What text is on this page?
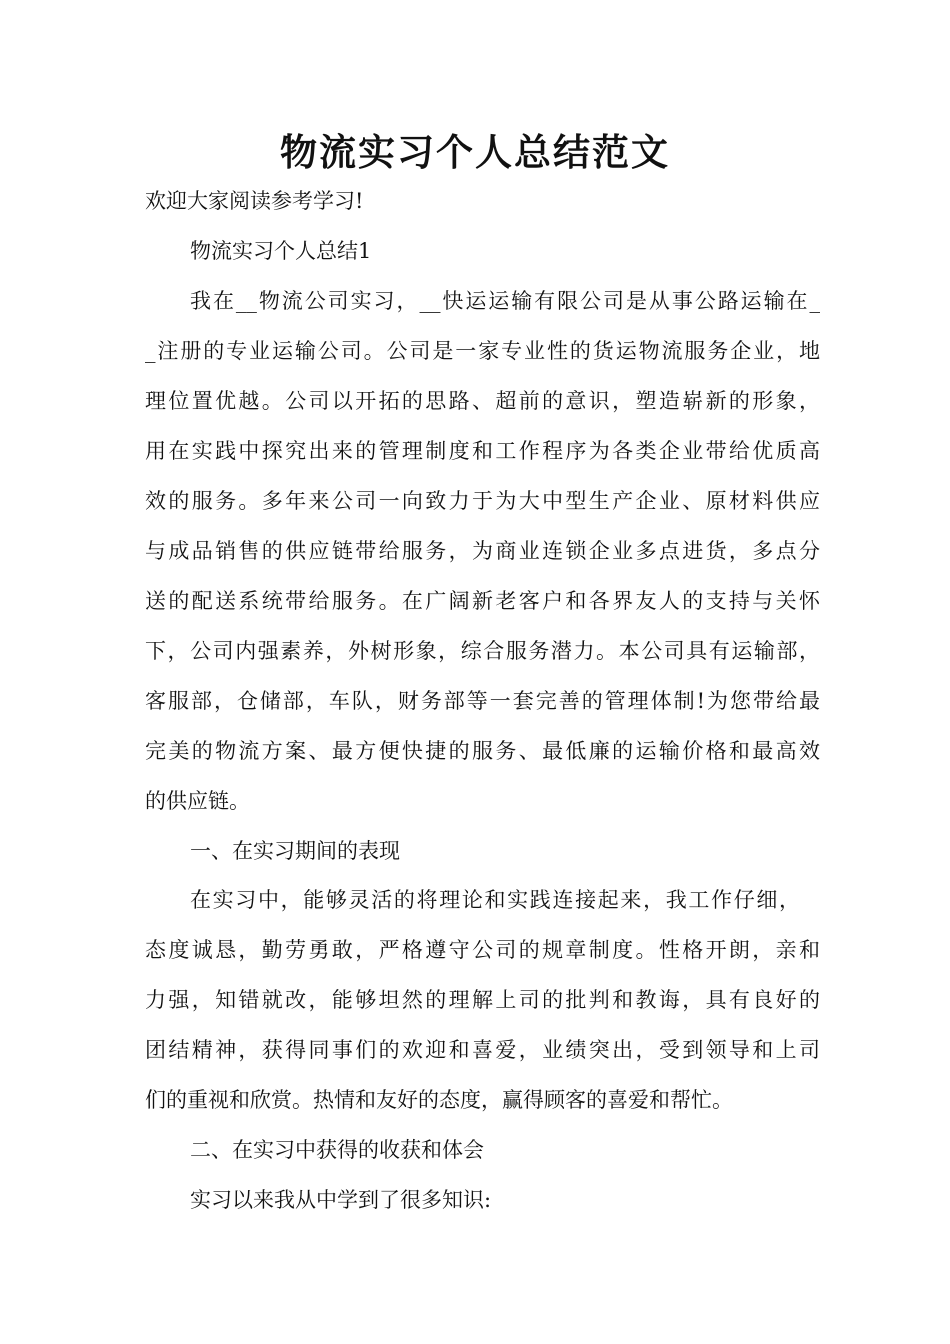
物流实习个人总结范文

欢迎大家阅读参考学习!

物流实习个人总结1

我在__物流公司实习，__快运运输有限公司是从事公路运输在_

_注册的专业运输公司。公司是一家专业性的货运物流服务企业，地

理位置优越。公司以开拓的思路、超前的意识，塑造崭新的形象，

用在实践中探究出来的管理制度和工作程序为各类企业带给优质高

效的服务。多年来公司一向致力于为大中型生产企业、原材料供应

与成品销售的供应链带给服务，为商业连锁企业多点进货，多点分

送的配送系统带给服务。在广阔新老客户和各界友人的支持与关怀

下，公司内强素养，外树形象，综合服务潜力。本公司具有运输部，

客服部，仓储部，车队，财务部等一套完善的管理体制!为您带给最

完美的物流方案、最方便快捷的服务、最低廉的运输价格和最高效

的供应链。

一、在实习期间的表现

在实习中，能够灵活的将理论和实践连接起来，我工作仔细，

态度诚恳，勤劳勇敢，严格遵守公司的规章制度。性格开朗，亲和

力强，知错就改，能够坦然的理解上司的批判和教诲，具有良好的

团结精神，获得同事们的欢迎和喜爱，业绩突出，受到领导和上司

们的重视和欣赏。热情和友好的态度，赢得顾客的喜爱和帮忙。

二、在实习中获得的收获和体会

实习以来我从中学到了很多知识:
